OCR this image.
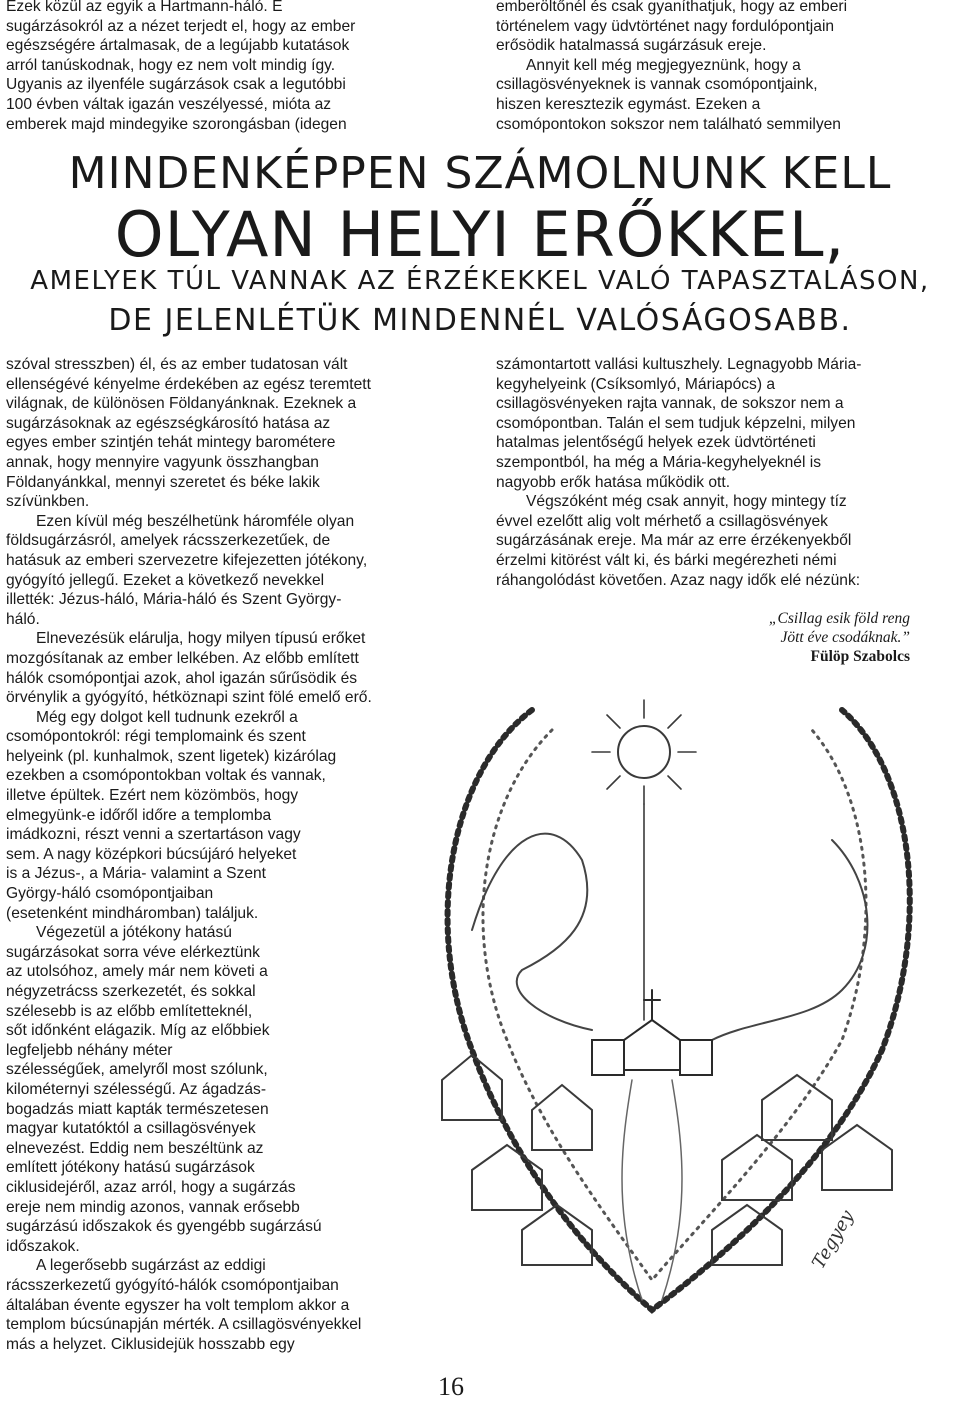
Ezek közül az egyik a Hartmann-háló. E
sugárzásokról az a nézet terjedt el, hogy az ember
egészségére ártalmasak, de a legújabb kutatások
arról tanúskodnak, hogy ez nem volt mindig így.
Ugyanis az ilyenféle sugárzások csak a legutóbbi
100 évben váltak igazán veszélyessé, mióta az
emberek majd mindegyike szorongásban (idegen
emberöltőnél és csak gyaníthatjuk, hogy az emberi
történelem vagy üdvtörténet nagy fordulópontjain
erősödik hatalmassá sugárzásuk ereje.
Annyit kell még megjegyeznünk, hogy a
csillagösvényeknek is vannak csomópontjaink,
hiszen keresztezik egymást. Ezeken a
csomópontokon sokszor nem található semmilyen
MINDENKÉPPEN SZÁMOLNUNK KELL
OLYAN HELYI ERŐKKEL,
AMELYEK TÚL VANNAK AZ ÉRZÉKEKKEL VALÓ TAPASZTALÁSON,
DE JELENLÉTÜK MINDENNÉL VALÓSÁGOSABB.
szóval stresszben) él, és az ember tudatosan vált
ellenségévé kényelme érdekében az egész teremtett
világnak, de különösen Földanyánknak. Ezeknek a
sugárzásoknak az egészségkárosító hatása az
egyes ember szintjén tehát mintegy barométere
annak, hogy mennyire vagyunk összhangban
Földanyánkkal, mennyi szeretet és béke lakik
szívünkben.
Ezen kívül még beszélhetünk háromféle olyan
földsugárzásról, amelyek rácsszerkezetűek, de
hatásuk az emberi szervezetre kifejezetten jótékony,
gyógyító jellegű. Ezeket a következő nevekkel
illették: Jézus-háló, Mária-háló és Szent György-
háló.
Elnevezésük elárulja, hogy milyen típusú erőket
mozgósítanak az ember lelkében. Az előbb említett
hálók csomópontjai azok, ahol igazán sűrűsödik és
örvénylik a gyógyító, hétköznapi szint fölé emelő erő.
Még egy dolgot kell tudnunk ezekről a
csomópontokról: régi templomaink és szent
helyeink (pl. kunhalmok, szent ligetek) kizárólag
ezekben a csomópontokban voltak és vannak,
illetve épültek. Ezért nem közömbös, hogy
elmegyünk-e időről időre a templomba
imádkozni, részt venni a szertartáson vagy
sem. A nagy középkori búcsújáró helyeket
is a Jézus-, a Mária- valamint a Szent
György-háló csomópontjaiban
(esetenként mindháromban) találjuk.
Végezetül a jótékony hatású
sugárzásokat sorra véve elérkeztünk
az utolsóhoz, amely már nem követi a
négyzetrácss szerkezetét, és sokkal
szélesebb is az előbb említetteknél,
sőt időnként elágazik. Míg az előbbiek
legfeljebb néhány méter
szélességűek, amelyről most szólunk,
kilométernyi szélességű. Az ágadzás-
bogadzás miatt kapták természetesen
magyar kutatóktól a csillagösvények
elnevezést. Eddig nem beszéltünk az
említett jótékony hatású sugárzások
ciklusidejéről, azaz arról, hogy a sugárzás
ereje nem mindig azonos, vannak erősebb
sugárzású időszakok és gyengébb sugárzású
időszakok.
A legerősebb sugárzást az eddigi
rácsszerkezetű gyógyító-hálók csomópontjaiban
általában évente egyszer ha volt templom akkor a
templom búcsúnapján mérték. A csillagösvényekkel
más a helyzet. Ciklusidejük hosszabb egy
számontartott vallási kultuszhely. Legnagyobb Mária-
kegyhelyeink (Csíksomlyó, Máriapócs) a
csillagösvényeken rajta vannak, de sokszor nem a
csomópontban. Talán el sem tudjuk képzelni, milyen
hatalmas jelentőségű helyek ezek üdvtörténeti
szempontból, ha még a Mária-kegyhelyeknél is
nagyobb erők hatása működik ott.
Végszóként még csak annyit, hogy mintegy tíz
évvel ezelőtt alig volt mérhető a csillagösvények
sugárzásának ereje. Ma már az erre érzékenyekből
érzelmi kitörést vált ki, és bárki megérezheti némi
ráhangolódást követően. Azaz nagy idők elé nézünk:
„Csillag esik föld reng
Jött éve csodáknak.”
Fülöp Szabolcs
Tegyey
16
